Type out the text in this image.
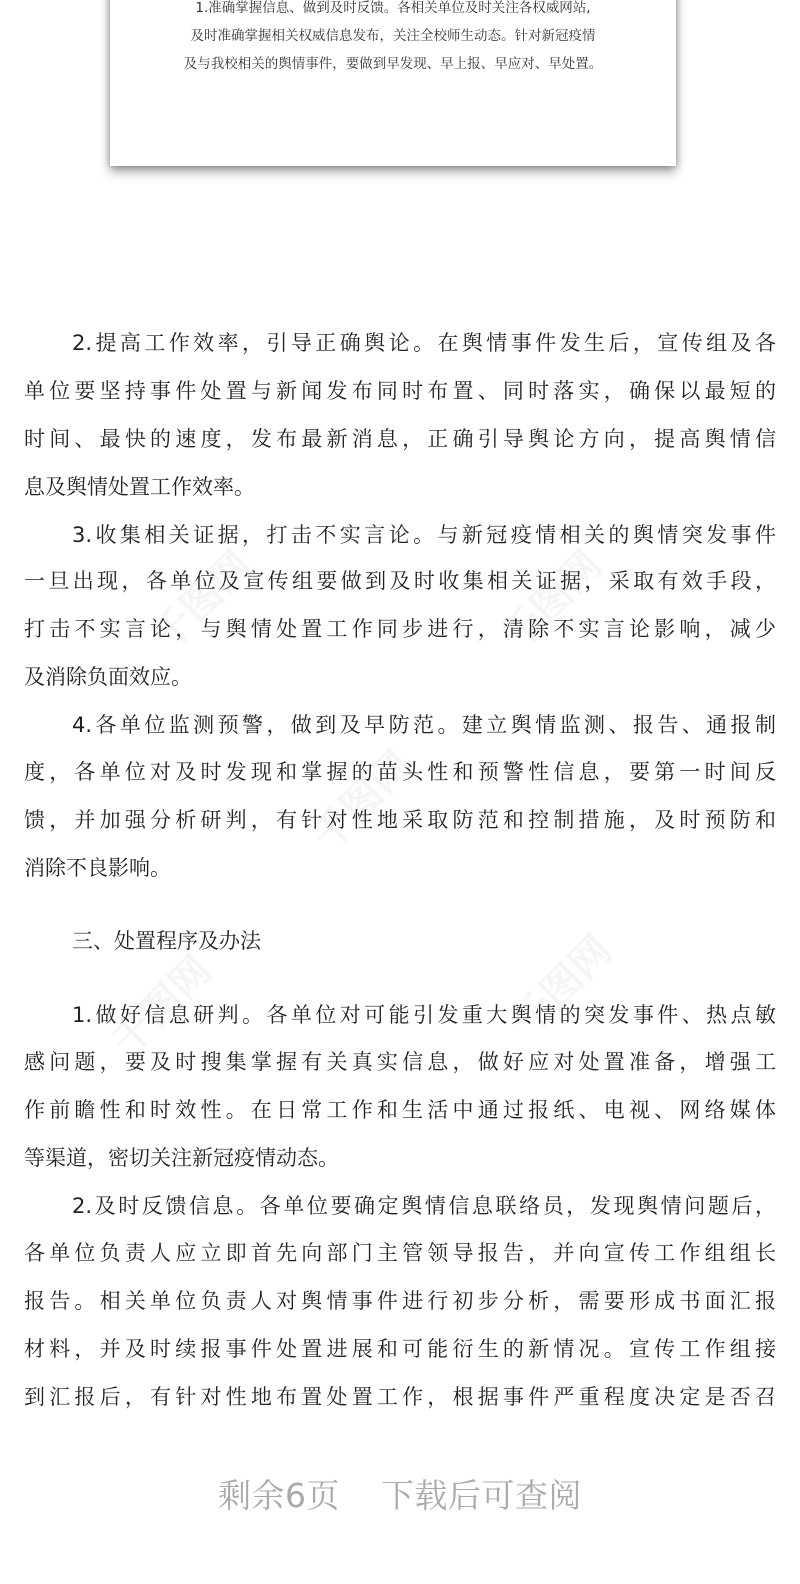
1.准确掌握信息、做到及时反馈。各相关单位及时关注各权威网站,
及时准确掌握相关权威信息发布，关注全校师生动态。针对新冠疫情
及与我校相关的舆情事件，要做到早发现、早上报、早应对、早处置。
千图网	千图网
千图网
千图网	千图网
2.提高工作效率，引导正确舆论。在舆情事件发生后，宣传组及各
单位要坚持事件处置与新闻发布同时布置、同时落实，确保以最短的
时间、最快的速度，发布最新消息，正确引导舆论方向，提高舆情信
息及舆情处置工作效率。
3.收集相关证据，打击不实言论。与新冠疫情相关的舆情突发事件
一旦出现，各单位及宣传组要做到及时收集相关证据，采取有效手段，
打击不实言论，与舆情处置工作同步进行，清除不实言论影响，减少
及消除负面效应。
4.各单位监测预警，做到及早防范。建立舆情监测、报告、通报制
度，各单位对及时发现和掌握的苗头性和预警性信息，要第一时间反
馈，并加强分析研判，有针对性地采取防范和控制措施，及时预防和
消除不良影响。
三、处置程序及办法
1.做好信息研判。各单位对可能引发重大舆情的突发事件、热点敏
感问题，要及时搜集掌握有关真实信息，做好应对处置准备，增强工
作前瞻性和时效性。在日常工作和生活中通过报纸、电视、网络媒体
等渠道，密切关注新冠疫情动态。
2.及时反馈信息。各单位要确定舆情信息联络员，发现舆情问题后，
各单位负责人应立即首先向部门主管领导报告，并向宣传工作组组长
报告。相关单位负责人对舆情事件进行初步分析，需要形成书面汇报
材料，并及时续报事件处置进展和可能衍生的新情况。宣传工作组接
到汇报后，有针对性地布置处置工作，根据事件严重程度决定是否召
剩余6页 下载后可查阅
